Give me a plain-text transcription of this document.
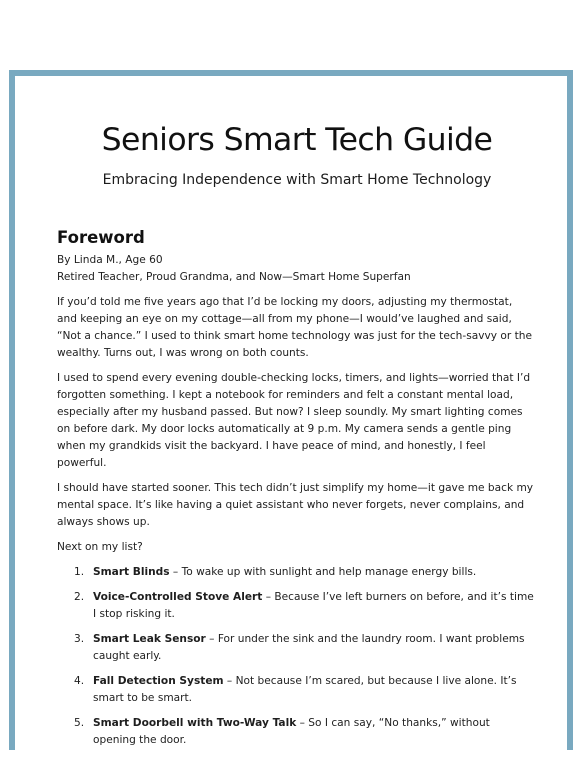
Seniors Smart Tech Guide

Embracing Independence with Smart Home Technology

Foreword

By Linda M., Age 60

Retired Teacher, Proud Grandma, and Now—Smart Home Superfan

If you’d told me five years ago that I’d be locking my doors, adjusting my thermostat, and keeping an eye on my cottage—all from my phone—I would’ve laughed and said, “Not a chance.” I used to think smart home technology was just for the tech-savvy or the wealthy. Turns out, I was wrong on both counts.

I used to spend every evening double-checking locks, timers, and lights—worried that I’d forgotten something. I kept a notebook for reminders and felt a constant mental load, especially after my husband passed. But now? I sleep soundly. My smart lighting comes on before dark. My door locks automatically at 9 p.m. My camera sends a gentle ping when my grandkids visit the backyard. I have peace of mind, and honestly, I feel powerful.

I should have started sooner. This tech didn’t just simplify my home—it gave me back my mental space. It’s like having a quiet assistant who never forgets, never complains, and always shows up.

Next on my list?

1. Smart Blinds – To wake up with sunlight and help manage energy bills.
2. Voice-Controlled Stove Alert – Because I’ve left burners on before, and it’s time I stop risking it.
3. Smart Leak Sensor – For under the sink and the laundry room. I want problems caught early.
4. Fall Detection System – Not because I’m scared, but because I live alone. It’s smart to be smart.
5. Smart Doorbell with Two-Way Talk – So I can say, “No thanks,” without opening the door.
